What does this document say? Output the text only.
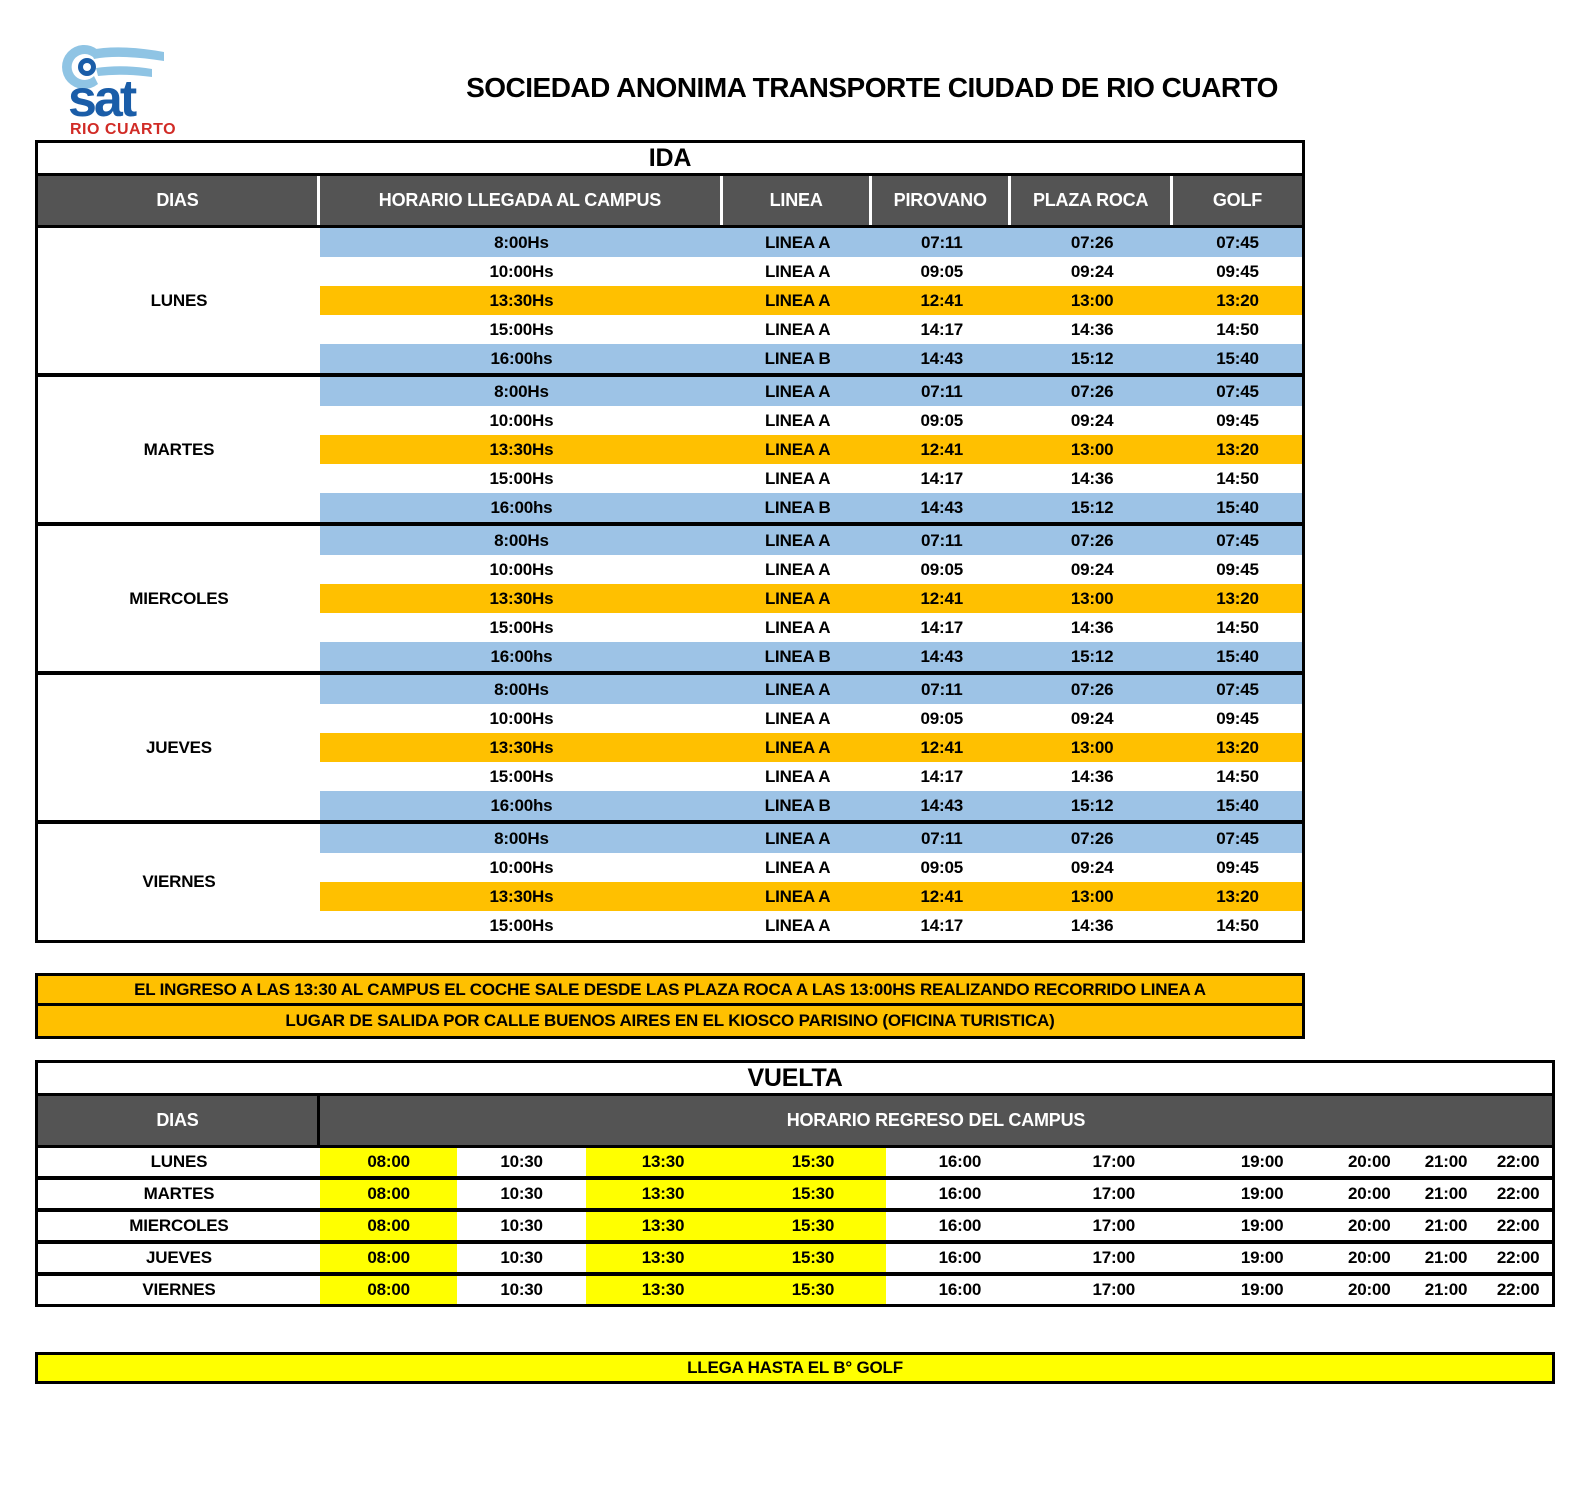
sat
RIO CUARTO
SOCIEDAD ANONIMA TRANSPORTE CIUDAD DE RIO CUARTO
IDA
DIAS	HORARIO LLEGADA AL CAMPUS	LINEA	PIROVANO	PLAZA ROCA	GOLF
LUNES
8:00Hs	LINEA A	07:11	07:26	07:45
10:00Hs	LINEA A	09:05	09:24	09:45
13:30Hs	LINEA A	12:41	13:00	13:20
15:00Hs	LINEA A	14:17	14:36	14:50
16:00hs	LINEA B	14:43	15:12	15:40
MARTES
8:00Hs	LINEA A	07:11	07:26	07:45
10:00Hs	LINEA A	09:05	09:24	09:45
13:30Hs	LINEA A	12:41	13:00	13:20
15:00Hs	LINEA A	14:17	14:36	14:50
16:00hs	LINEA B	14:43	15:12	15:40
MIERCOLES
8:00Hs	LINEA A	07:11	07:26	07:45
10:00Hs	LINEA A	09:05	09:24	09:45
13:30Hs	LINEA A	12:41	13:00	13:20
15:00Hs	LINEA A	14:17	14:36	14:50
16:00hs	LINEA B	14:43	15:12	15:40
JUEVES
8:00Hs	LINEA A	07:11	07:26	07:45
10:00Hs	LINEA A	09:05	09:24	09:45
13:30Hs	LINEA A	12:41	13:00	13:20
15:00Hs	LINEA A	14:17	14:36	14:50
16:00hs	LINEA B	14:43	15:12	15:40
VIERNES
8:00Hs	LINEA A	07:11	07:26	07:45
10:00Hs	LINEA A	09:05	09:24	09:45
13:30Hs	LINEA A	12:41	13:00	13:20
15:00Hs	LINEA A	14:17	14:36	14:50
EL INGRESO A LAS 13:30 AL CAMPUS EL COCHE SALE DESDE LAS PLAZA ROCA A LAS 13:00HS REALIZANDO RECORRIDO LINEA A
LUGAR DE SALIDA POR CALLE BUENOS AIRES EN EL KIOSCO PARISINO (OFICINA TURISTICA)
VUELTA
DIAS	HORARIO REGRESO DEL CAMPUS
LUNES	08:00	10:30	13:30	15:30	16:00	17:00	19:00	20:00	21:00	22:00
MARTES	08:00	10:30	13:30	15:30	16:00	17:00	19:00	20:00	21:00	22:00
MIERCOLES	08:00	10:30	13:30	15:30	16:00	17:00	19:00	20:00	21:00	22:00
JUEVES	08:00	10:30	13:30	15:30	16:00	17:00	19:00	20:00	21:00	22:00
VIERNES	08:00	10:30	13:30	15:30	16:00	17:00	19:00	20:00	21:00	22:00
LLEGA HASTA EL B° GOLF
